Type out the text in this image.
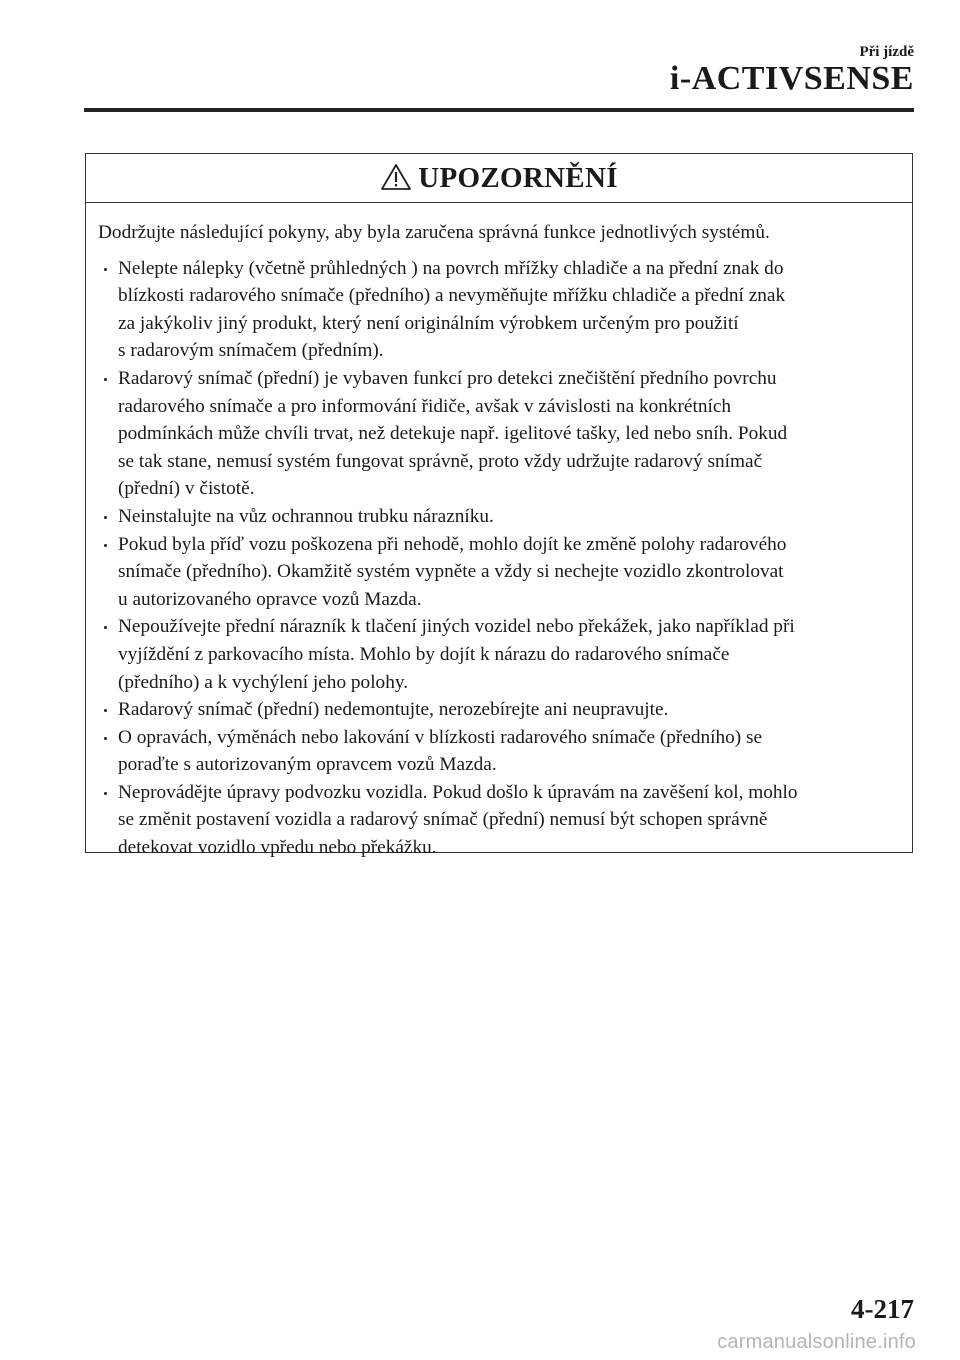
Při jízdě
i-ACTIVSENSE
UPOZORNĚNÍ

Dodržujte následující pokyny, aby byla zaručena správná funkce jednotlivých systémů.

Nelepte nálepky (včetně průhledných ) na povrch mřížky chladiče a na přední znak do
blízkosti radarového snímače (předního) a nevyměňujte mřížku chladiče a přední znak
za jakýkoliv jiný produkt, který není originálním výrobkem určeným pro použití
s radarovým snímačem (předním).
Radarový snímač (přední) je vybaven funkcí pro detekci znečištění předního povrchu
radarového snímače a pro informování řidiče, avšak v závislosti na konkrétních
podmínkách může chvíli trvat, než detekuje např. igelitové tašky, led nebo sníh. Pokud
se tak stane, nemusí systém fungovat správně, proto vždy udržujte radarový snímač
(přední) v čistotě.
Neinstalujte na vůz ochrannou trubku nárazníku.
Pokud byla příď vozu poškozena při nehodě, mohlo dojít ke změně polohy radarového
snímače (předního). Okamžitě systém vypněte a vždy si nechejte vozidlo zkontrolovat
u autorizovaného opravce vozů Mazda.
Nepoužívejte přední nárazník k tlačení jiných vozidel nebo překážek, jako například při
vyjíždění z parkovacího místa. Mohlo by dojít k nárazu do radarového snímače
(předního) a k vychýlení jeho polohy.
Radarový snímač (přední) nedemontujte, nerozebírejte ani neupravujte.
O opravách, výměnách nebo lakování v blízkosti radarového snímače (předního) se
poraďte s autorizovaným opravcem vozů Mazda.
Neprovádějte úpravy podvozku vozidla. Pokud došlo k úpravám na zavěšení kol, mohlo
se změnit postavení vozidla a radarový snímač (přední) nemusí být schopen správně
detekovat vozidlo vpředu nebo překážku.
4-217
carmanualsonline.info
